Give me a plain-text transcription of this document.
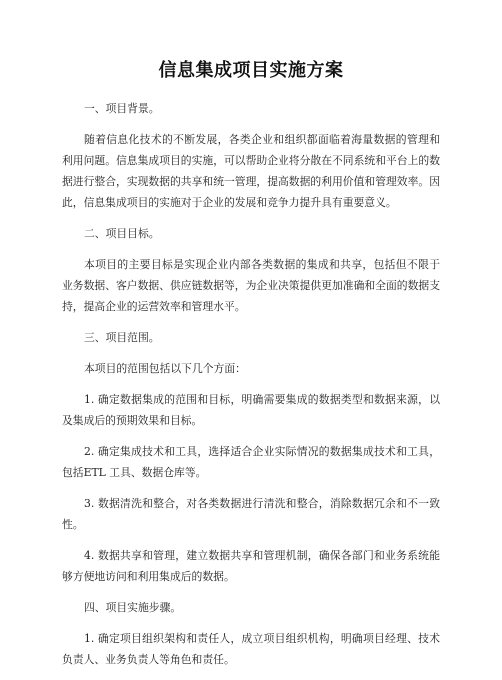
信息集成项目实施方案

一、项目背景。

随着信息化技术的不断发展，各类企业和组织都面临着海量数据的管理和利用问题。信息集成项目的实施，可以帮助企业将分散在不同系统和平台上的数据进行整合，实现数据的共享和统一管理，提高数据的利用价值和管理效率。因此，信息集成项目的实施对于企业的发展和竞争力提升具有重要意义。

二、项目目标。

本项目的主要目标是实现企业内部各类数据的集成和共享，包括但不限于业务数据、客户数据、供应链数据等，为企业决策提供更加准确和全面的数据支持，提高企业的运营效率和管理水平。

三、项目范围。

本项目的范围包括以下几个方面：

1. 确定数据集成的范围和目标，明确需要集成的数据类型和数据来源，以及集成后的预期效果和目标。

2. 确定集成技术和工具，选择适合企业实际情况的数据集成技术和工具，包括ETL 工具、数据仓库等。

3. 数据清洗和整合，对各类数据进行清洗和整合，消除数据冗余和不一致性。

4. 数据共享和管理，建立数据共享和管理机制，确保各部门和业务系统能够方便地访问和利用集成后的数据。

四、项目实施步骤。

1. 确定项目组织架构和责任人，成立项目组织机构，明确项目经理、技术负责人、业务负责人等角色和责任。
